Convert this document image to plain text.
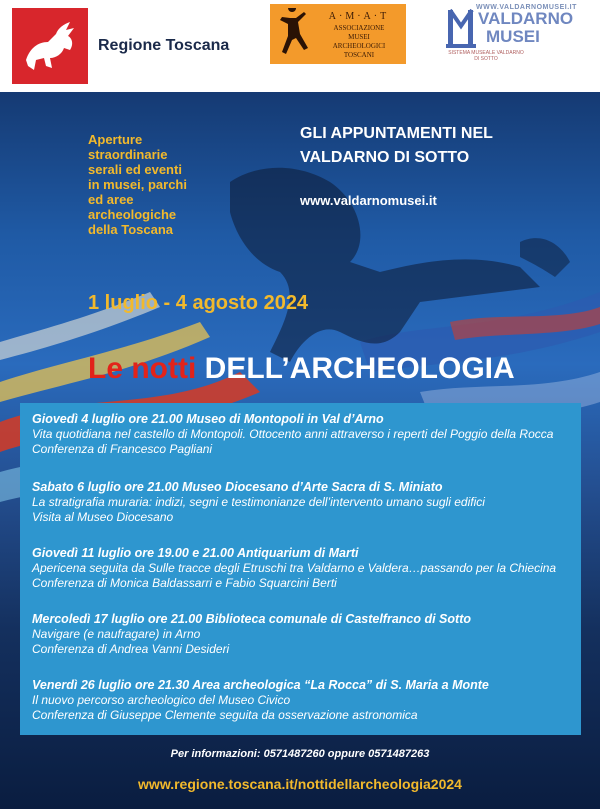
Regione Toscana
A·M·A·T
ASSOCIAZIONE
MUSEI
ARCHEOLOGICI
TOSCANI
WWW.VALDARNOMUSEI.IT
VALDARNO
MUSEI
SISTEMA MUSEALE VALDARNO DI SOTTO
Aperture
straordinarie
serali ed eventi
in musei, parchi
ed aree
archeologiche
della Toscana
GLI APPUNTAMENTI NEL
VALDARNO DI SOTTO
www.valdarnomusei.it
1 luglio - 4 agosto 2024
Le notti DELL’ARCHEOLOGIA
Giovedì 4 luglio ore 21.00 Museo di Montopoli in Val d’Arno
Vita quotidiana nel castello di Montopoli. Ottocento anni attraverso i reperti del Poggio della Rocca
Conferenza di Francesco Pagliani
Sabato 6 luglio ore 21.00 Museo Diocesano d’Arte Sacra di S. Miniato
La stratigrafia muraria: indizi, segni e testimonianze dell’intervento umano sugli edifici
Visita al Museo Diocesano
Giovedì 11 luglio ore 19.00 e 21.00 Antiquarium di Marti
Apericena seguita da Sulle tracce degli Etruschi tra Valdarno e Valdera…passando per la Chiecina
Conferenza di Monica Baldassarri e Fabio Squarcini Berti
Mercoledì 17 luglio ore 21.00 Biblioteca comunale di Castelfranco di Sotto
Navigare (e naufragare) in Arno
Conferenza di Andrea Vanni Desideri
Venerdì 26 luglio ore 21.30 Area archeologica “La Rocca” di S. Maria a Monte
Il nuovo percorso archeologico del Museo Civico
Conferenza di Giuseppe Clemente seguita da osservazione astronomica
Per informazioni: 0571487260 oppure 0571487263
www.regione.toscana.it/nottidellarcheologia2024
